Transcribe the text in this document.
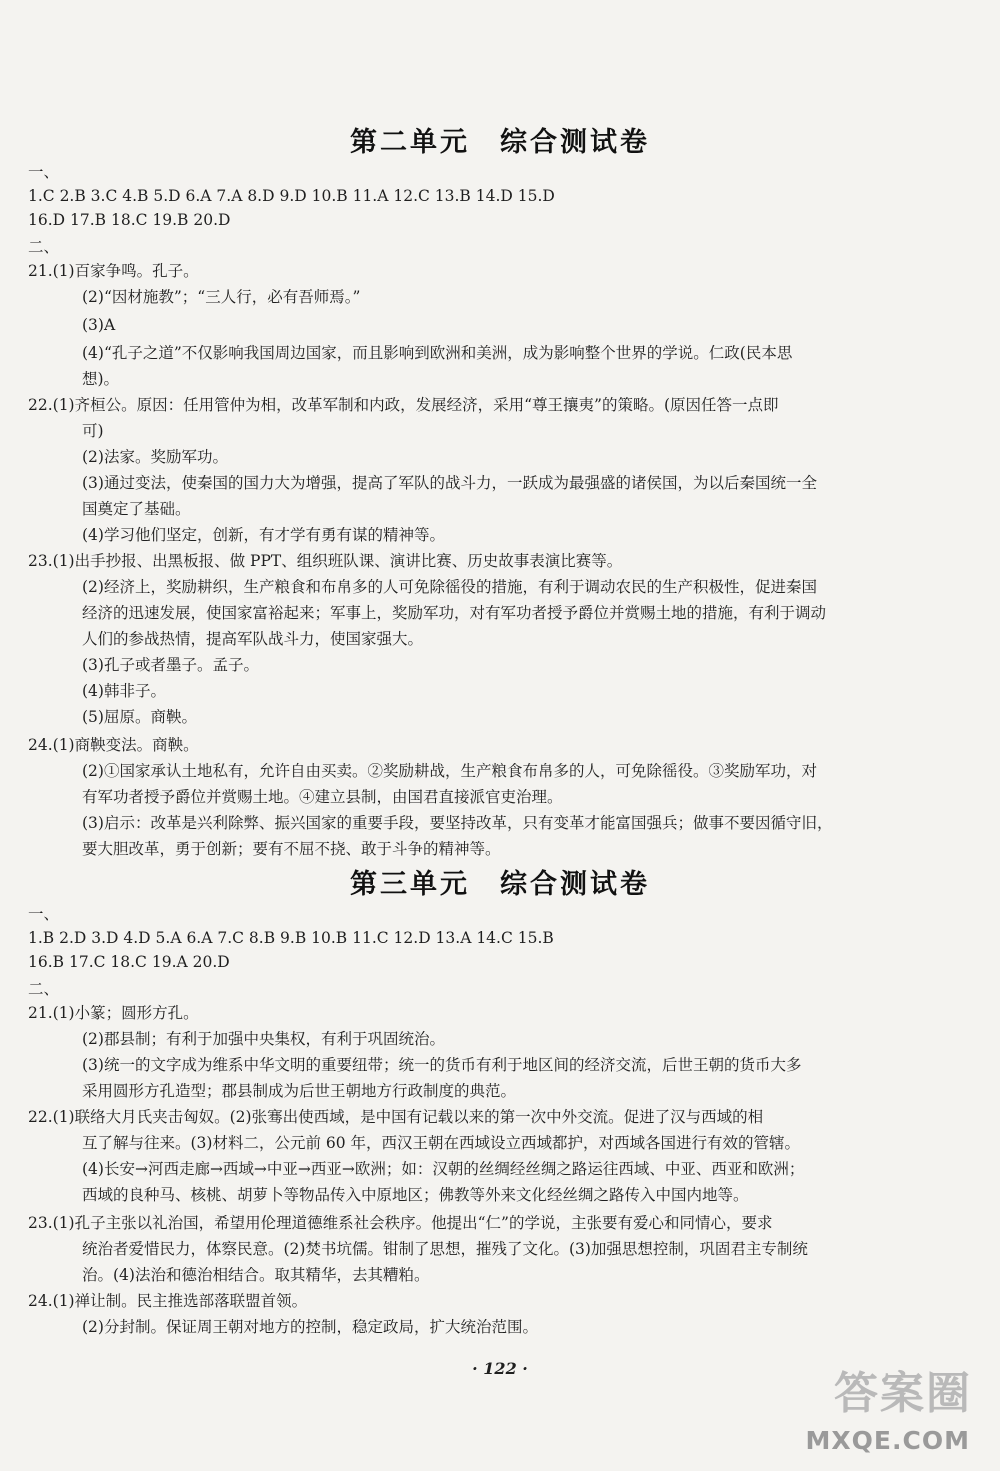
第二单元　综合测试卷
一、
1.C 2.B 3.C 4.B 5.D 6.A 7.A 8.D 9.D 10.B 11.A 12.C 13.B 14.D 15.D
16.D 17.B 18.C 19.B 20.D
二、
21.(1)百家争鸣。孔子。
(2)“因材施教”；“三人行，必有吾师焉。”
(3)A
(4)“孔子之道”不仅影响我国周边国家，而且影响到欧洲和美洲，成为影响整个世界的学说。仁政(民本思
想)。
22.(1)齐桓公。原因：任用管仲为相，改革军制和内政，发展经济，采用“尊王攘夷”的策略。(原因任答一点即
可)
(2)法家。奖励军功。
(3)通过变法，使秦国的国力大为增强，提高了军队的战斗力，一跃成为最强盛的诸侯国，为以后秦国统一全
国奠定了基础。
(4)学习他们坚定，创新，有才学有勇有谋的精神等。
23.(1)出手抄报、出黑板报、做 PPT、组织班队课、演讲比赛、历史故事表演比赛等。
(2)经济上，奖励耕织，生产粮食和布帛多的人可免除徭役的措施，有利于调动农民的生产积极性，促进秦国
经济的迅速发展，使国家富裕起来；军事上，奖励军功，对有军功者授予爵位并赏赐土地的措施，有利于调动
人们的参战热情，提高军队战斗力，使国家强大。
(3)孔子或者墨子。孟子。
(4)韩非子。
(5)屈原。商鞅。
24.(1)商鞅变法。商鞅。
(2)①国家承认土地私有，允许自由买卖。②奖励耕战，生产粮食布帛多的人，可免除徭役。③奖励军功，对
有军功者授予爵位并赏赐土地。④建立县制，由国君直接派官吏治理。
(3)启示：改革是兴利除弊、振兴国家的重要手段，要坚持改革，只有变革才能富国强兵；做事不要因循守旧，
要大胆改革，勇于创新；要有不屈不挠、敢于斗争的精神等。
第三单元　综合测试卷
一、
1.B 2.D 3.D 4.D 5.A 6.A 7.C 8.B 9.B 10.B 11.C 12.D 13.A 14.C 15.B
16.B 17.C 18.C 19.A 20.D
二、
21.(1)小篆；圆形方孔。
(2)郡县制；有利于加强中央集权，有利于巩固统治。
(3)统一的文字成为维系中华文明的重要纽带；统一的货币有利于地区间的经济交流，后世王朝的货币大多
采用圆形方孔造型；郡县制成为后世王朝地方行政制度的典范。
22.(1)联络大月氏夹击匈奴。(2)张骞出使西域，是中国有记载以来的第一次中外交流。促进了汉与西域的相
互了解与往来。(3)材料二，公元前 60 年，西汉王朝在西域设立西域都护，对西域各国进行有效的管辖。
(4)长安→河西走廊→西域→中亚→西亚→欧洲；如：汉朝的丝绸经丝绸之路运往西域、中亚、西亚和欧洲；
西域的良种马、核桃、胡萝卜等物品传入中原地区；佛教等外来文化经丝绸之路传入中国内地等。
23.(1)孔子主张以礼治国，希望用伦理道德维系社会秩序。他提出“仁”的学说，主张要有爱心和同情心，要求
统治者爱惜民力，体察民意。(2)焚书坑儒。钳制了思想，摧残了文化。(3)加强思想控制，巩固君主专制统
治。(4)法治和德治相结合。取其精华，去其糟粕。
24.(1)禅让制。民主推选部落联盟首领。
(2)分封制。保证周王朝对地方的控制，稳定政局，扩大统治范围。
· 122 ·	答案圈
MXQE.COM
